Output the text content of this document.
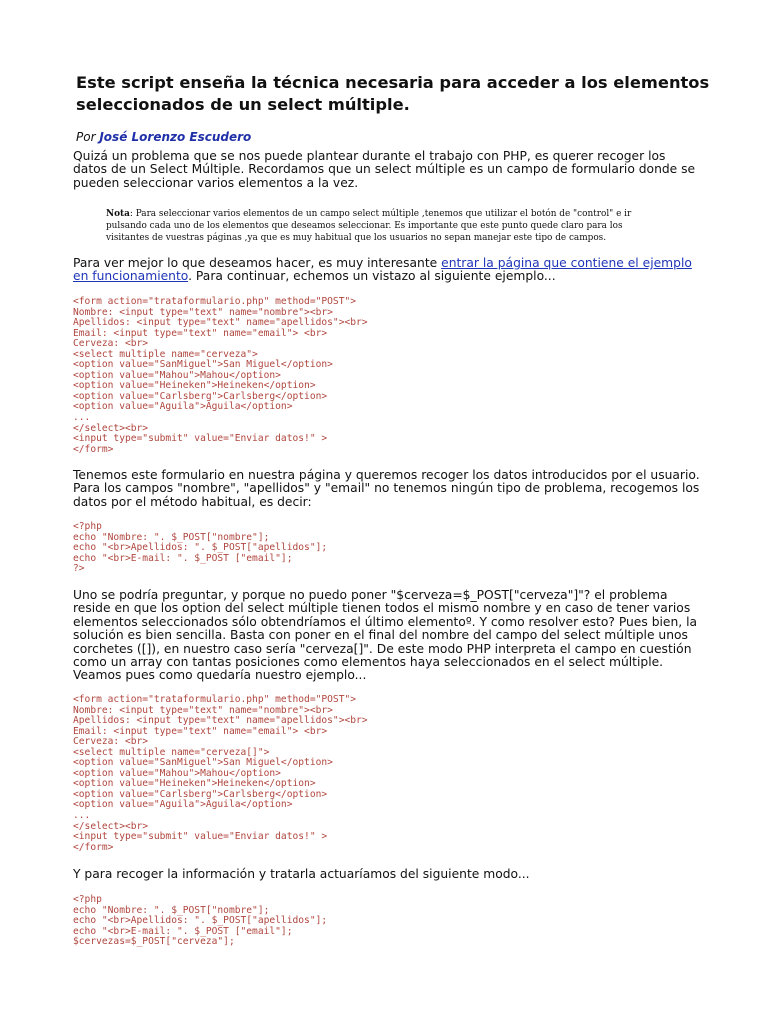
Este script enseña la técnica necesaria para acceder a los elementos seleccionados de un select múltiple.
Por José Lorenzo Escudero

Quizá un problema que se nos puede plantear durante el trabajo con PHP, es querer recoger los datos de un Select Múltiple. Recordamos que un select múltiple es un campo de formulario donde se pueden seleccionar varios elementos a la vez.

Nota: Para seleccionar varios elementos de un campo select múltiple ,tenemos que utilizar el botón de "control" e ir pulsando cada uno de los elementos que deseamos seleccionar. Es importante que este punto quede claro para los visitantes de vuestras páginas ,ya que es muy habitual que los usuarios no sepan manejar este tipo de campos.

Para ver mejor lo que deseamos hacer, es muy interesante entrar la página que contiene el ejemplo en funcionamiento. Para continuar, echemos un vistazo al siguiente ejemplo...

<form action="trataformulario.php" method="POST">
Nombre: <input type="text" name="nombre"><br>
Apellidos: <input type="text" name="apellidos"><br>
Email: <input type="text" name="email"> <br>
Cerveza: <br>
<select multiple name="cerveza">
<option value="SanMiguel">San Miguel</option>
<option value="Mahou">Mahou</option>
<option value="Heineken">Heineken</option>
<option value="Carlsberg">Carlsberg</option>
<option value="Aguila">Aguila</option>
...
</select><br>
<input type="submit" value="Enviar datos!" >
</form>

Tenemos este formulario en nuestra página y queremos recoger los datos introducidos por el usuario. Para los campos "nombre", "apellidos" y "email" no tenemos ningún tipo de problema, recogemos los datos por el método habitual, es decir:

<?php
echo "Nombre: ". $_POST["nombre"];
echo "<br>Apellidos: ". $_POST["apellidos"];
echo "<br>E-mail: ". $_POST ["email"];
?>

Uno se podría preguntar, y porque no puedo poner "$cerveza=$_POST["cerveza"]"? el problema reside en que los option del select múltiple tienen todos el mismo nombre y en caso de tener varios elementos seleccionados sólo obtendríamos el último elementoº. Y como resolver esto? Pues bien, la solución es bien sencilla. Basta con poner en el final del nombre del campo del select múltiple unos corchetes ([]), en nuestro caso sería "cerveza[]". De este modo PHP interpreta el campo en cuestión como un array con tantas posiciones como elementos haya seleccionados en el select múltiple. Veamos pues como quedaría nuestro ejemplo...

<form action="trataformulario.php" method="POST">
Nombre: <input type="text" name="nombre"><br>
Apellidos: <input type="text" name="apellidos"><br>
Email: <input type="text" name="email"> <br>
Cerveza: <br>
<select multiple name="cerveza[]">
<option value="SanMiguel">San Miguel</option>
<option value="Mahou">Mahou</option>
<option value="Heineken">Heineken</option>
<option value="Carlsberg">Carlsberg</option>
<option value="Aguila">Aguila</option>
...
</select><br>
<input type="submit" value="Enviar datos!" >
</form>

Y para recoger la información y tratarla actuaríamos del siguiente modo...

<?php
echo "Nombre: ". $_POST["nombre"];
echo "<br>Apellidos: ". $_POST["apellidos"];
echo "<br>E-mail: ". $_POST ["email"];
$cervezas=$_POST["cerveza"];
